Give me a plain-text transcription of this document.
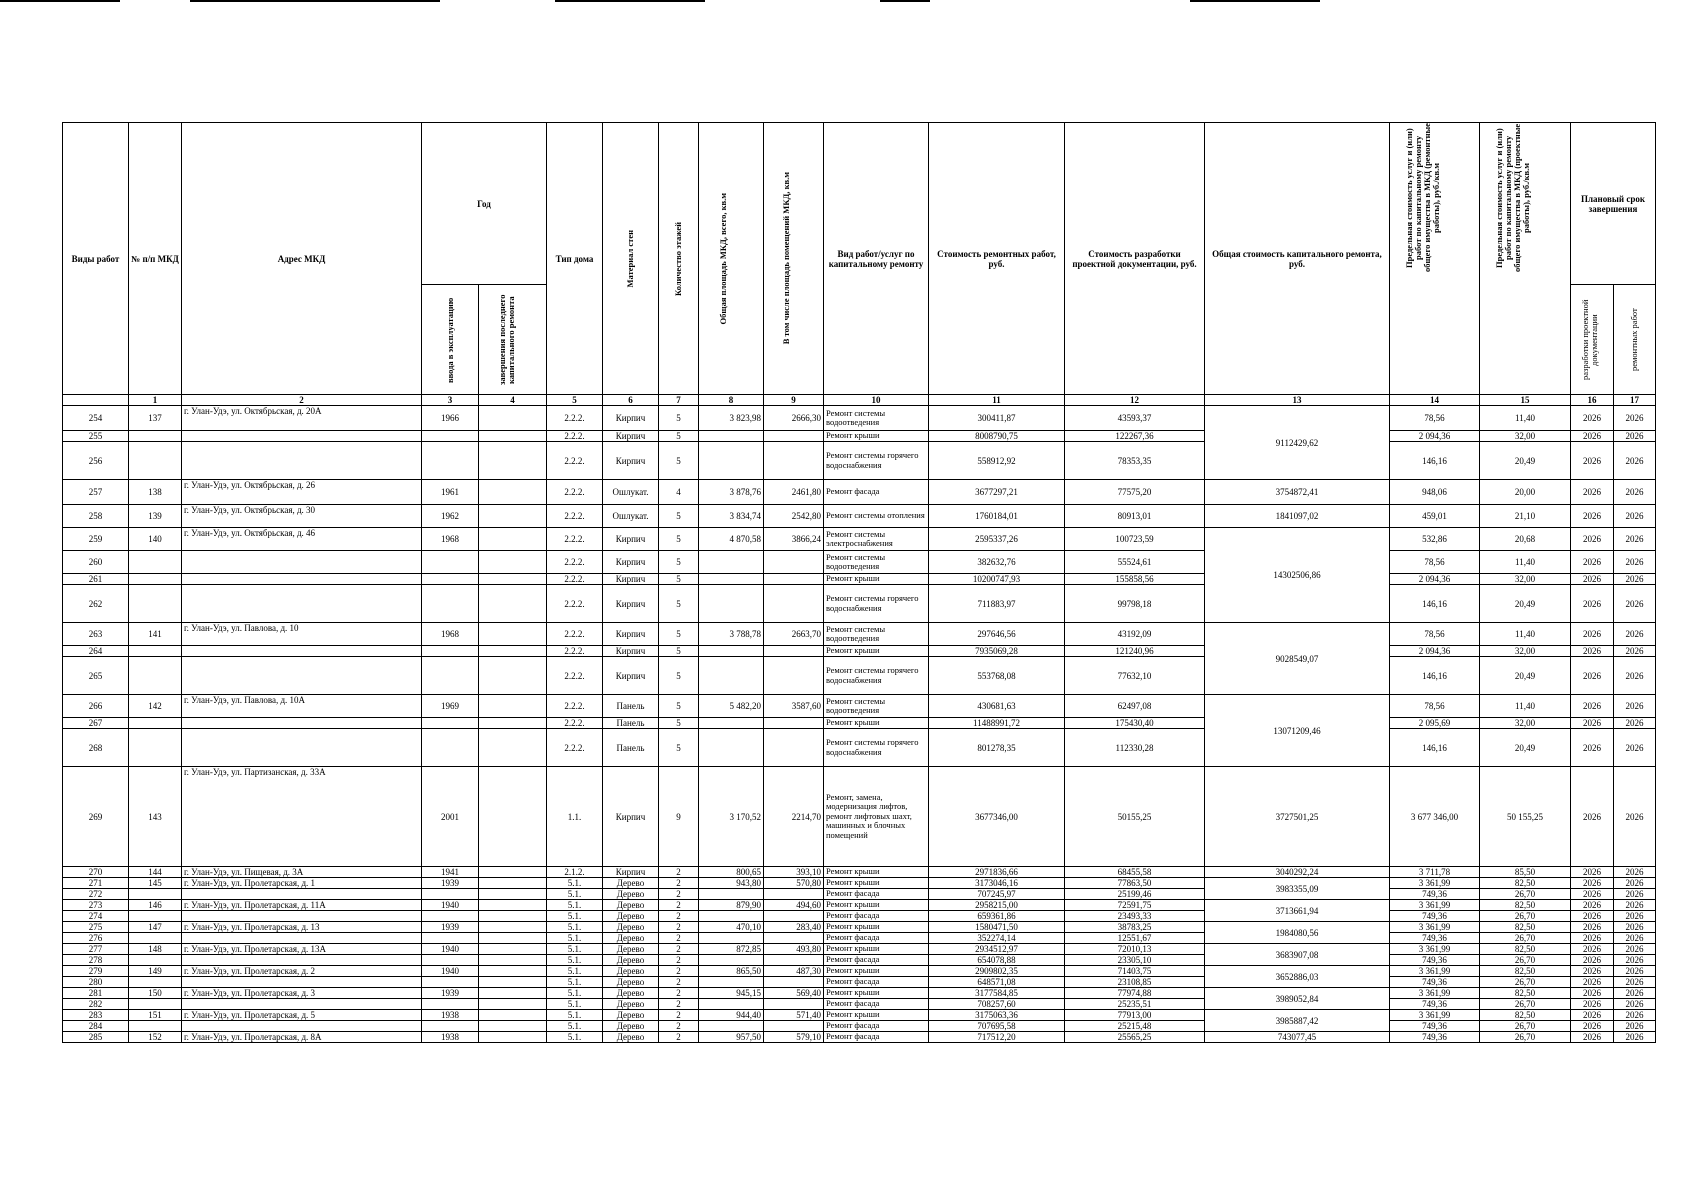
Виды работ	№ п/п МКД	Адрес МКД	Год		Тип дома	Материал стен	Количество этажей	Общая площадь МКД, всего, кв.м	В том числе площадь помещений МКД, кв.м	Вид работ/услуг по капитальному ремонту	Стоимость ремонтных работ, руб.	Стоимость разработки проектной документации, руб.	Общая стоимость капитального ремонта, руб.	Предельная стоимость услуг и (или) работ по капитальному ремонту общего имущества в МКД (ремонтные работы), руб./кв.м	Предельная стоимость услуг и (или) работ по капитальному ремонту общего имущества в МКД (проектные работы), руб./кв.м	Плановый срок завершения	

			ввода в эксплуатацию	завершения последнего капитального ремонта												разработки проектной документации	ремонтных работ

	1	2	3	4	5	6	7	8	9	10	11	12	13	14	15	16	17
254	137	г. Улан-Удэ, ул. Октябрьская, д. 20А	1966		2.2.2.	Кирпич	5	3 823,98	2666,30	Ремонт системы водоотведения	300411,87	43593,37	9112429,62	78,56	11,40	2026	2026
255					2.2.2.	Кирпич	5			Ремонт крыши	8008790,75	122267,36		2 094,36	32,00	2026	2026
256					2.2.2.	Кирпич	5			Ремонт системы горячего водоснабжения	558912,92	78353,35		146,16	20,49	2026	2026
257	138	г. Улан-Удэ, ул. Октябрьская, д. 26	1961		2.2.2.	Ошлукат.	4	3 878,76	2461,80	Ремонт фасада	3677297,21	77575,20	3754872,41	948,06	20,00	2026	2026
258	139	г. Улан-Удэ, ул. Октябрьская, д. 30	1962		2.2.2.	Ошлукат.	5	3 834,74	2542,80	Ремонт системы отопления	1760184,01	80913,01	1841097,02	459,01	21,10	2026	2026
259	140	г. Улан-Удэ, ул. Октябрьская, д. 46	1968		2.2.2.	Кирпич	5	4 870,58	3866,24	Ремонт системы электроснабжения	2595337,26	100723,59	14302506,86	532,86	20,68	2026	2026
260					2.2.2.	Кирпич	5			Ремонт системы водоотведения	382632,76	55524,61		78,56	11,40	2026	2026
261					2.2.2.	Кирпич	5			Ремонт крыши	10200747,93	155858,56		2 094,36	32,00	2026	2026
262					2.2.2.	Кирпич	5			Ремонт системы горячего водоснабжения	711883,97	99798,18		146,16	20,49	2026	2026
263	141	г. Улан-Удэ, ул. Павлова, д. 10	1968		2.2.2.	Кирпич	5	3 788,78	2663,70	Ремонт системы водоотведения	297646,56	43192,09	9028549,07	78,56	11,40	2026	2026
264					2.2.2.	Кирпич	5			Ремонт крыши	7935069,28	121240,96		2 094,36	32,00	2026	2026
265					2.2.2.	Кирпич	5			Ремонт системы горячего водоснабжения	553768,08	77632,10		146,16	20,49	2026	2026
266	142	г. Улан-Удэ, ул. Павлова, д. 10А	1969		2.2.2.	Панель	5	5 482,20	3587,60	Ремонт системы водоотведения	430681,63	62497,08	13071209,46	78,56	11,40	2026	2026
267					2.2.2.	Панель	5			Ремонт крыши	11488991,72	175430,40		2 095,69	32,00	2026	2026
268					2.2.2.	Панель	5			Ремонт системы горячего водоснабжения	801278,35	112330,28		146,16	20,49	2026	2026
269	143	г. Улан-Удэ, ул. Партизанская, д. 33А	2001		1.1.	Кирпич	9	3 170,52	2214,70	Ремонт, замена, модернизация лифтов, ремонт лифтовых шахт, машинных и блочных помещений	3677346,00	50155,25	3727501,25	3 677 346,00	50 155,25	2026	2026
270	144	г. Улан-Удэ, ул. Пищевая, д. 3А	1941		2.1.2.	Кирпич	2	800,65	393,10	Ремонт крыши	2971836,66	68455,58	3040292,24	3 711,78	85,50	2026	2026
271	145	г. Улан-Удэ, ул. Пролетарская, д. 1	1939		5.1.	Дерево	2	943,80	570,80	Ремонт крыши	3173046,16	77863,50	3983355,09	3 361,99	82,50	2026	2026
272					5.1.	Дерево	2			Ремонт фасада	707245,97	25199,46		749,36	26,70	2026	2026
273	146	г. Улан-Удэ, ул. Пролетарская, д. 11А	1940		5.1.	Дерево	2	879,90	494,60	Ремонт крыши	2958215,00	72591,75	3713661,94	3 361,99	82,50	2026	2026
274					5.1.	Дерево	2			Ремонт фасада	659361,86	23493,33		749,36	26,70	2026	2026
275	147	г. Улан-Удэ, ул. Пролетарская, д. 13	1939		5.1.	Дерево	2	470,10	283,40	Ремонт крыши	1580471,50	38783,25	1984080,56	3 361,99	82,50	2026	2026
276					5.1.	Дерево	2			Ремонт фасада	352274,14	12551,67		749,36	26,70	2026	2026
277	148	г. Улан-Удэ, ул. Пролетарская, д. 13А	1940		5.1.	Дерево	2	872,85	493,80	Ремонт крыши	2934512,97	72010,13	3683907,08	3 361,99	82,50	2026	2026
278					5.1.	Дерево	2			Ремонт фасада	654078,88	23305,10		749,36	26,70	2026	2026
279	149	г. Улан-Удэ, ул. Пролетарская, д. 2	1940		5.1.	Дерево	2	865,50	487,30	Ремонт крыши	2909802,35	71403,75	3652886,03	3 361,99	82,50	2026	2026
280					5.1.	Дерево	2			Ремонт фасада	648571,08	23108,85		749,36	26,70	2026	2026
281	150	г. Улан-Удэ, ул. Пролетарская, д. 3	1939		5.1.	Дерево	2	945,15	569,40	Ремонт крыши	3177584,85	77974,88	3989052,84	3 361,99	82,50	2026	2026
282					5.1.	Дерево	2			Ремонт фасада	708257,60	25235,51		749,36	26,70	2026	2026
283	151	г. Улан-Удэ, ул. Пролетарская, д. 5	1938		5.1.	Дерево	2	944,40	571,40	Ремонт крыши	3175063,36	77913,00	3985887,42	3 361,99	82,50	2026	2026
284					5.1.	Дерево	2			Ремонт фасада	707695,58	25215,48		749,36	26,70	2026	2026
285	152	г. Улан-Удэ, ул. Пролетарская, д. 8А	1938		5.1.	Дерево	2	957,50	579,10	Ремонт фасада	717512,20	25565,25	743077,45	749,36	26,70	2026	2026
